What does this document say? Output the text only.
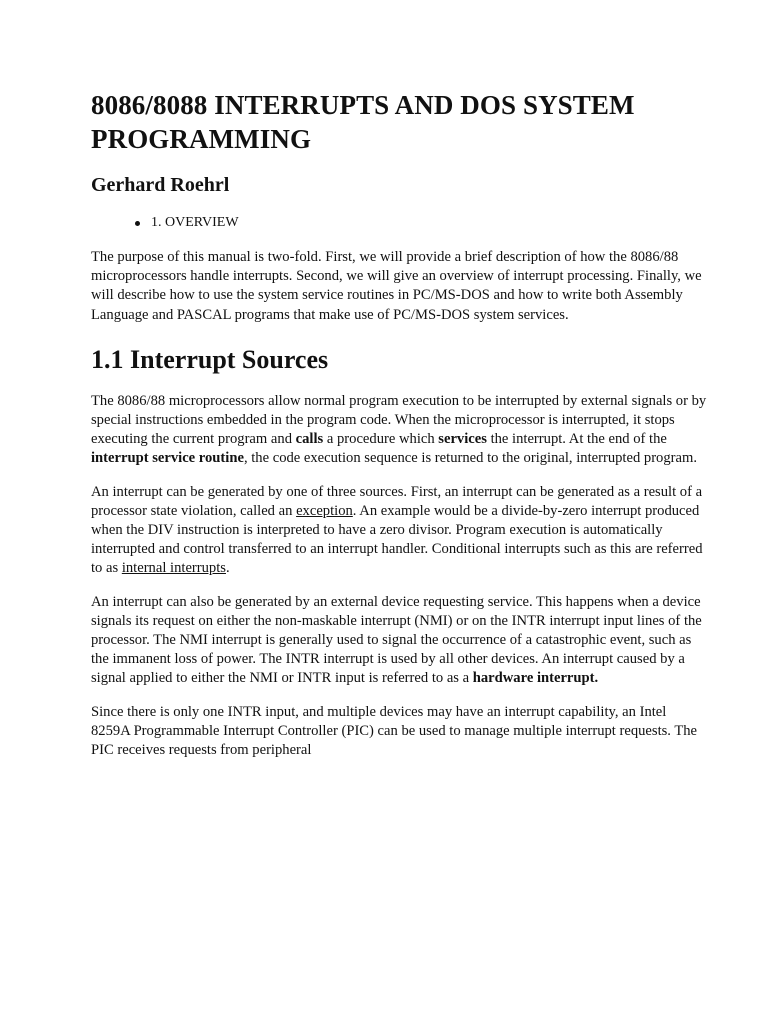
8086/8088 INTERRUPTS AND DOS SYSTEM PROGRAMMING
Gerhard Roehrl
1. OVERVIEW

The purpose of this manual is two-fold. First, we will provide a brief description of how the 8086/88 microprocessors handle interrupts. Second, we will give an overview of interrupt processing. Finally, we will describe how to use the system service routines in PC/MS-DOS and how to write both Assembly Language and PASCAL programs that make use of PC/MS-DOS system services.

1.1 Interrupt Sources

The 8086/88 microprocessors allow normal program execution to be interrupted by external signals or by special instructions embedded in the program code. When the microprocessor is interrupted, it stops executing the current program and calls a procedure which services the interrupt. At the end of the interrupt service routine, the code execution sequence is returned to the original, interrupted program.

An interrupt can be generated by one of three sources. First, an interrupt can be generated as a result of a processor state violation, called an exception. An example would be a divide-by-zero interrupt produced when the DIV instruction is interpreted to have a zero divisor. Program execution is automatically interrupted and control transferred to an interrupt handler. Conditional interrupts such as this are referred to as internal interrupts.

An interrupt can also be generated by an external device requesting service. This happens when a device signals its request on either the non-maskable interrupt (NMI) or on the INTR interrupt input lines of the processor. The NMI interrupt is generally used to signal the occurrence of a catastrophic event, such as the immanent loss of power. The INTR interrupt is used by all other devices. An interrupt caused by a signal applied to either the NMI or INTR input is referred to as a hardware interrupt.

Since there is only one INTR input, and multiple devices may have an interrupt capability, an Intel 8259A Programmable Interrupt Controller (PIC) can be used to manage multiple interrupt requests. The PIC receives requests from peripheral
